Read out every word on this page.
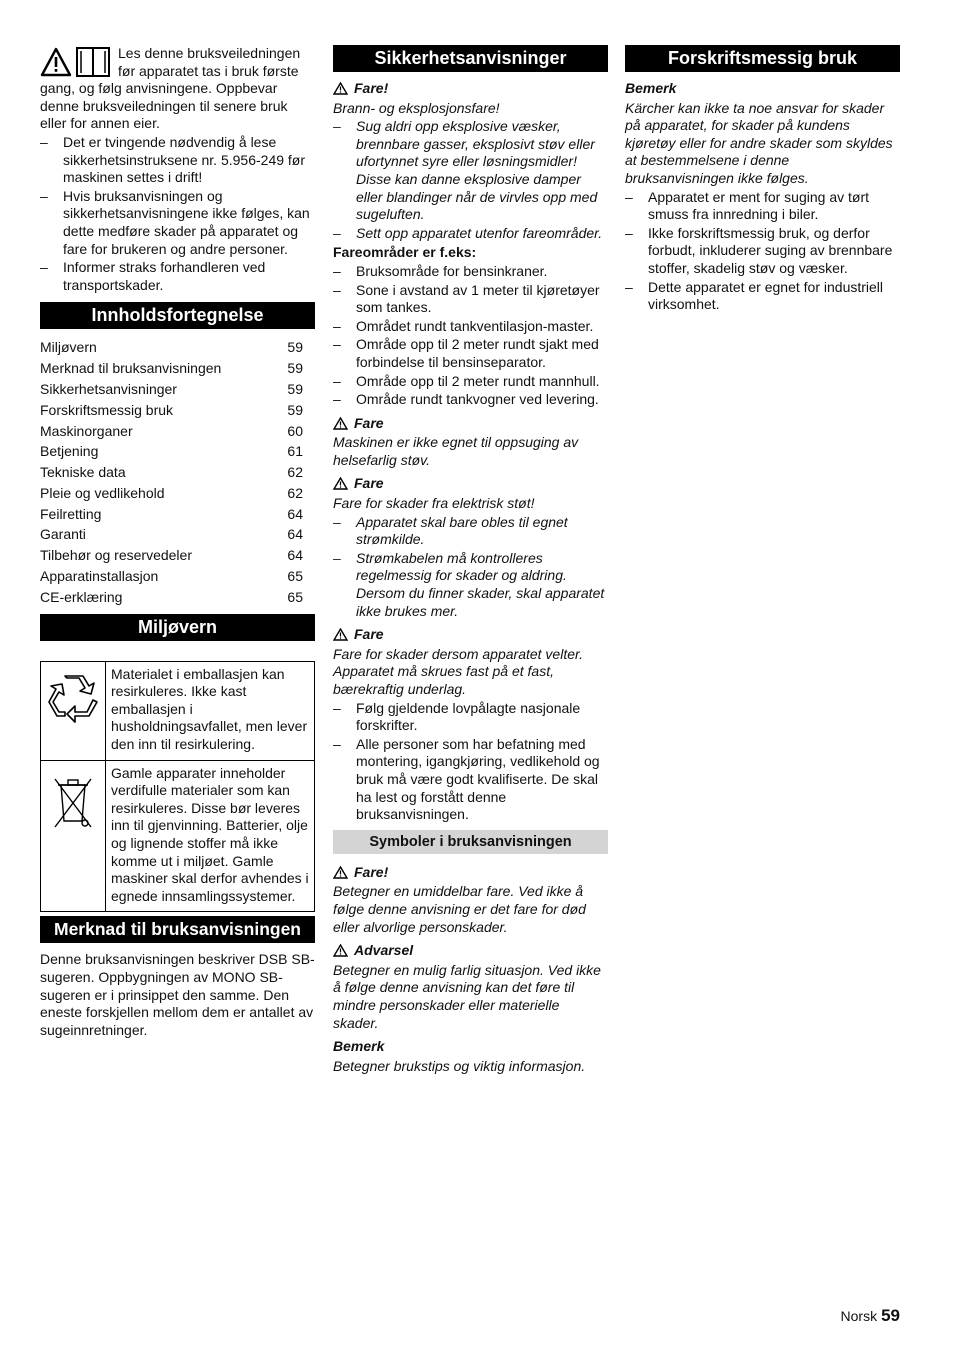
Les denne bruksveiledningen før apparatet tas i bruk første gang, og følg anvisningene. Oppbevar denne bruksveiledningen til senere bruk eller for annen eier.

– Det er tvingende nødvendig å lese sikkerhetsinstruksene nr. 5.956-249 før maskinen settes i drift!
– Hvis bruksanvisningen og sikkerhetsanvisningene ikke følges, kan dette medføre skader på apparatet og fare for brukeren og andre personer.
– Informer straks forhandleren ved transportskader.
Innholdsfortegnelse
Miljøvern	59
Merknad til bruksanvisningen	59
Sikkerhetsanvisninger	59
Forskriftsmessig bruk	59
Maskinorganer	60
Betjening	61
Tekniske data	62
Pleie og vedlikehold	62
Feilretting	64
Garanti	64
Tilbehør og reservedeler	64
Apparatinstallasjon	65
CE-erklæring	65
Miljøvern
	Materialet i emballasjen kan resirkuleres. Ikke kast emballasjen i husholdningsavfallet, men lever den inn til resirkulering.
	Gamle apparater inneholder verdifulle materialer som kan resirkuleres. Disse bør leveres inn til gjenvinning. Batterier, olje og lignende stoffer må ikke komme ut i miljøet. Gamle maskiner skal derfor avhendes i egnede innsamlingssystemer.
Merknad til bruksanvisningen

Denne bruksanvisningen beskriver DSB SB-sugeren. Oppbygningen av MONO SB-sugeren er i prinsippet den samme. Den eneste forskjellen mellom dem er antallet av sugeinnretninger.

Sikkerhetsanvisninger
Fare!

Brann- og eksplosjonsfare!

– Sug aldri opp eksplosive væsker, brennbare gasser, eksplosivt støv eller ufortynnet syre eller løsningsmidler! Disse kan danne eksplosive damper eller blandinger når de virvles opp med sugeluften.
– Sett opp apparatet utenfor fareområder.

Fareområder er f.eks:

– Bruksområde for bensinkraner.
– Sone i avstand av 1 meter til kjøretøyer som tankes.
– Området rundt tankventilasjon-master.
– Område opp til 2 meter rundt sjakt med forbindelse til bensinseparator.
– Område opp til 2 meter rundt mannhull.
– Område rundt tankvogner ved levering.
Fare

Maskinen er ikke egnet til oppsuging av helsefarlig støv.

Fare

Fare for skader fra elektrisk støt!

– Apparatet skal bare obles til egnet strømkilde.
– Strømkabelen må kontrolleres regelmessig for skader og aldring. Dersom du finner skader, skal apparatet ikke brukes mer.
Fare

Fare for skader dersom apparatet velter. Apparatet må skrues fast på et fast, bærekraftig underlag.

– Følg gjeldende lovpålagte nasjonale forskrifter.
– Alle personer som har befatning med montering, igangkjøring, vedlikehold og bruk må være godt kvalifiserte. De skal ha lest og forstått denne bruksanvisningen.
Symboler i bruksanvisningen
Fare!

Betegner en umiddelbar fare. Ved ikke å følge denne anvisning er det fare for død eller alvorlige personskader.

Advarsel

Betegner en mulig farlig situasjon. Ved ikke å følge denne anvisning kan det føre til mindre personskader eller materielle skader.

Bemerk

Betegner brukstips og viktig informasjon.

Forskriftsmessig bruk

Bemerk

Kärcher kan ikke ta noe ansvar for skader på apparatet, for skader på kundens kjøretøy eller for andre skader som skyldes at bestemmelsene i denne bruksanvisningen ikke følges.

– Apparatet er ment for suging av tørt smuss fra innredning i biler.
– Ikke forskriftsmessig bruk, og derfor forbudt, inkluderer suging av brennbare stoffer, skadelig støv og væsker.
– Dette apparatet er egnet for industriell virksomhet.
Norsk 59
